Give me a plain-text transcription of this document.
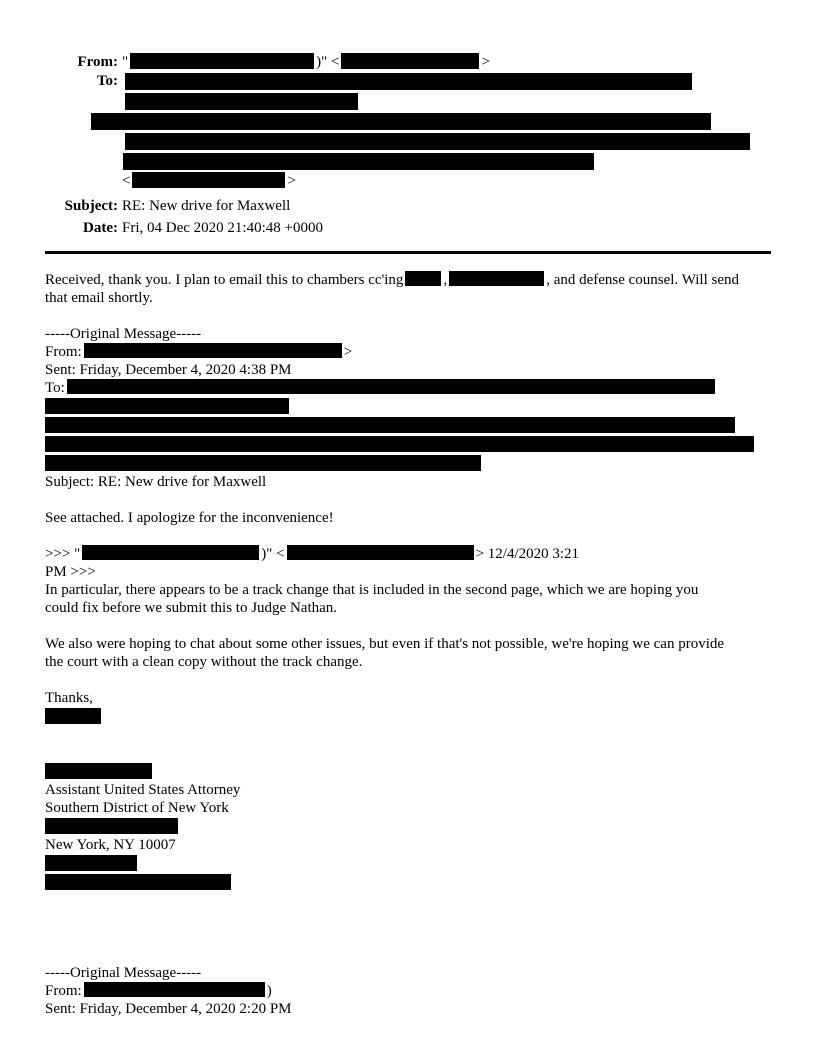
From: "	)" <	>
To:
<	>
Subject: RE: New drive for Maxwell
Date: Fri, 04 Dec 2020 21:40:48 +0000
Received, thank you. I plan to email this to chambers cc'ing	,	, and defense counsel. Will send
that email shortly.
-----Original Message-----
From:	>
Sent: Friday, December 4, 2020 4:38 PM
To:
Subject: RE: New drive for Maxwell
See attached. I apologize for the inconvenience!
>>> "	)" <	> 12/4/2020 3:21
PM >>>
In particular, there appears to be a track change that is included in the second page, which we are hoping you
could fix before we submit this to Judge Nathan.
We also were hoping to chat about some other issues, but even if that's not possible, we're hoping we can provide
the court with a clean copy without the track change.
Thanks,
Assistant United States Attorney
Southern District of New York
New York, NY 10007
-----Original Message-----
From:	)
Sent: Friday, December 4, 2020 2:20 PM
